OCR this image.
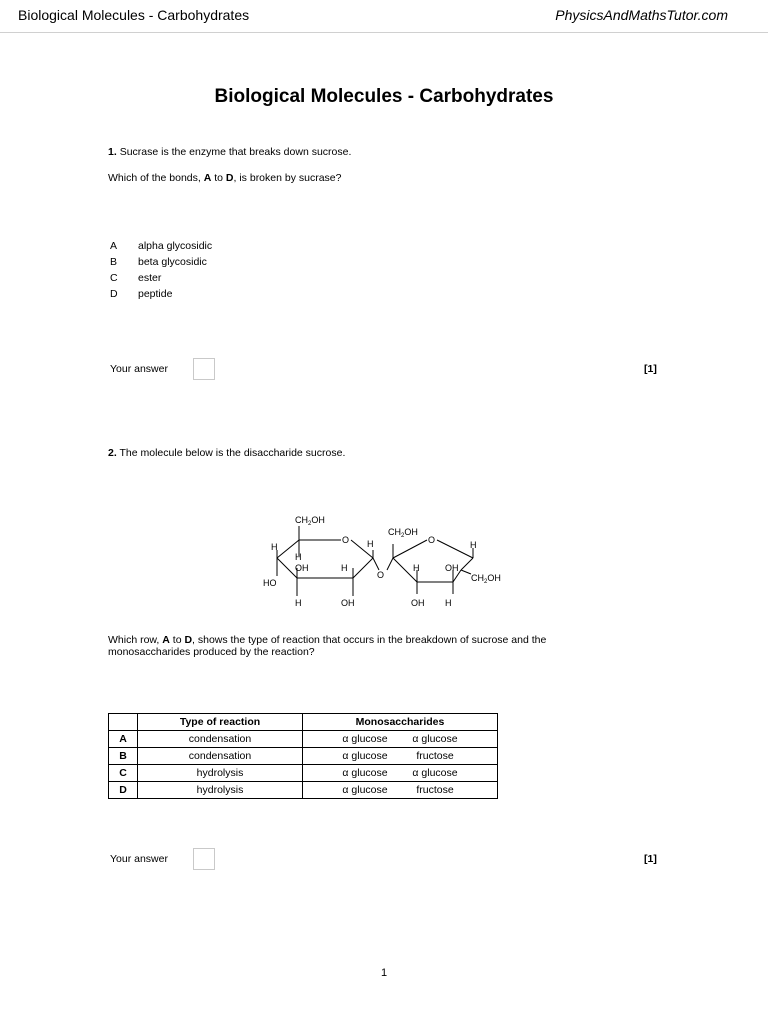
Biological Molecules - Carbohydrates	PhysicsAndMathsTutor.com
Biological Molecules - Carbohydrates
1. Sucrase is the enzyme that breaks down sucrose.
Which of the bonds, A to D, is broken by sucrase?
A	alpha glycosidic
B	beta glycosidic
C	ester
D	peptide
Your answer	[1]
2. The molecule below is the disaccharide sucrose.
$CH_2OH$
$CH_2OH$
$CH_2OH$
O	O
O
H
H
OH
HO
H
H
OH
H
H
OH
OH
H
H
Which row, A to D, shows the type of reaction that occurs in the breakdown of sucrose and the
monosaccharides produced by the reaction?
	Type of reaction	Monosaccharides
A	condensation	α glucose α glucose
B	condensation	α glucose fructose
C	hydrolysis	α glucose α glucose
D	hydrolysis	α glucose fructose
Your answer	[1]
1
